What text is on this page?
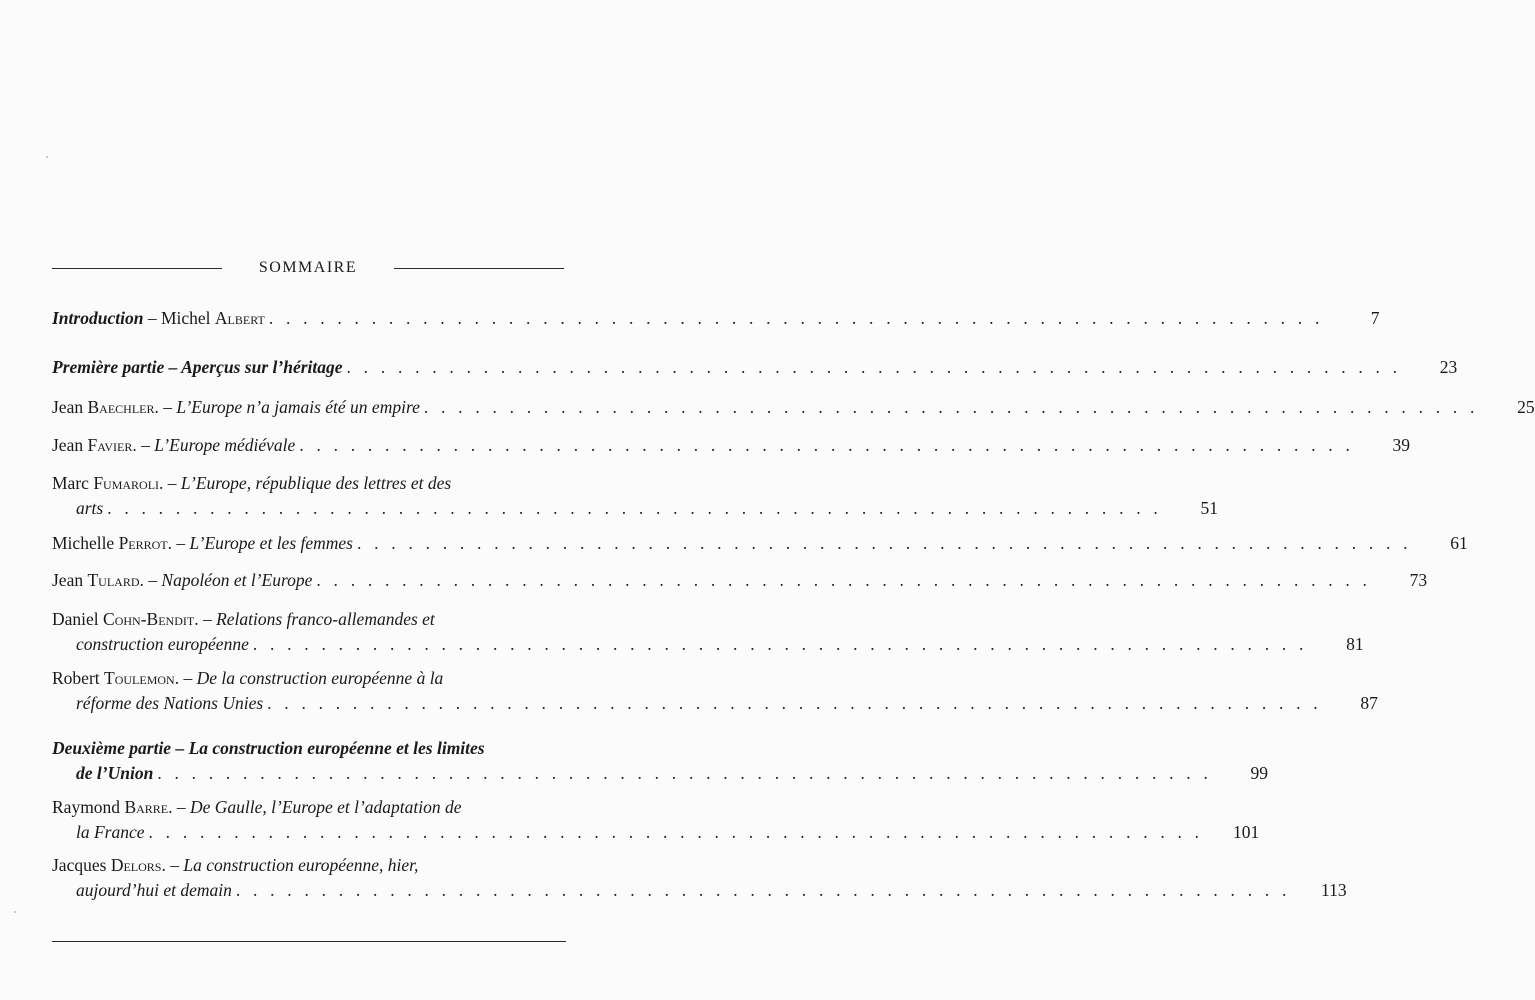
SOMMAIRE
Introduction – Michel Albert . . . . . . . . . . . . . . . . . . . . . . . . . . . . . . . . . . . . . . . . . . . . . . . . . . . . . . . . . . . . . .	7
Première partie – Aperçus sur l’héritage . . . . . . . . . . . . . . . . . . . . . . . . . . . . . . . . . . . . . . . . . . . . . . . . . . . . . . . . . . . . . .	23
Jean Baechler. – L’Europe n’a jamais été un empire . . . . . . . . . . . . . . . . . . . . . . . . . . . . . . . . . . . . . . . . . . . . . . . . . . . . . . . . . . . . . .	25
Jean Favier. – L’Europe médiévale . . . . . . . . . . . . . . . . . . . . . . . . . . . . . . . . . . . . . . . . . . . . . . . . . . . . . . . . . . . . . .	39
Marc Fumaroli. – L’Europe, république des lettres et des
arts . . . . . . . . . . . . . . . . . . . . . . . . . . . . . . . . . . . . . . . . . . . . . . . . . . . . . . . . . . . . . .	51
Michelle Perrot. – L’Europe et les femmes . . . . . . . . . . . . . . . . . . . . . . . . . . . . . . . . . . . . . . . . . . . . . . . . . . . . . . . . . . . . . .	61
Jean Tulard. – Napoléon et l’Europe . . . . . . . . . . . . . . . . . . . . . . . . . . . . . . . . . . . . . . . . . . . . . . . . . . . . . . . . . . . . . .	73
Daniel Cohn-Bendit. – Relations franco-allemandes et
construction européenne . . . . . . . . . . . . . . . . . . . . . . . . . . . . . . . . . . . . . . . . . . . . . . . . . . . . . . . . . . . . . .	81
Robert Toulemon. – De la construction européenne à la
réforme des Nations Unies . . . . . . . . . . . . . . . . . . . . . . . . . . . . . . . . . . . . . . . . . . . . . . . . . . . . . . . . . . . . . .	87
Deuxième partie – La construction européenne et les limites
de l’Union . . . . . . . . . . . . . . . . . . . . . . . . . . . . . . . . . . . . . . . . . . . . . . . . . . . . . . . . . . . . . .	99
Raymond Barre. – De Gaulle, l’Europe et l’adaptation de
la France . . . . . . . . . . . . . . . . . . . . . . . . . . . . . . . . . . . . . . . . . . . . . . . . . . . . . . . . . . . . . .	101
Jacques Delors. – La construction européenne, hier,
aujourd’hui et demain . . . . . . . . . . . . . . . . . . . . . . . . . . . . . . . . . . . . . . . . . . . . . . . . . . . . . . . . . . . . . .	113
